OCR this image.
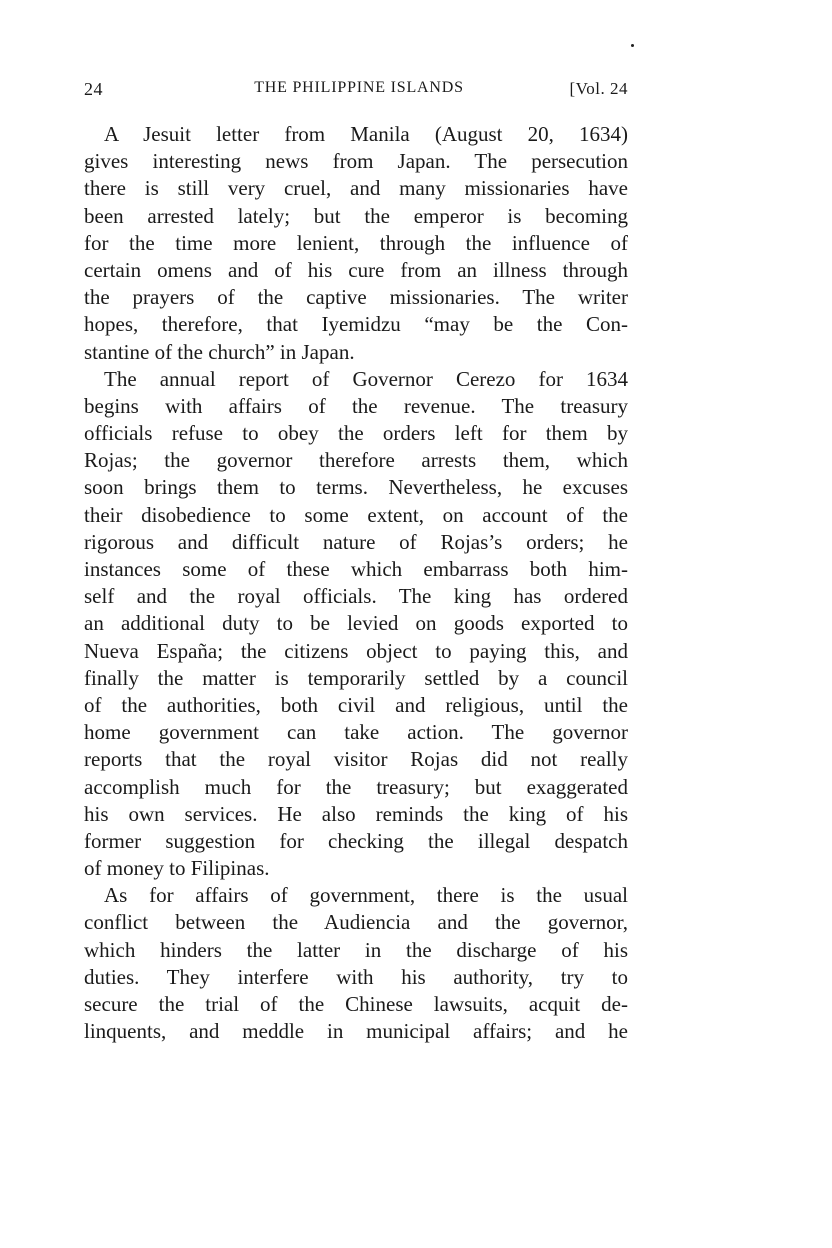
24	THE PHILIPPINE ISLANDS	[Vol. 24
A Jesuit letter from Manila (August 20, 1634)
gives interesting news from Japan. The persecution
there is still very cruel, and many missionaries have
been arrested lately; but the emperor is becoming
for the time more lenient, through the influence of
certain omens and of his cure from an illness through
the prayers of the captive missionaries. The writer
hopes, therefore, that Iyemidzu “may be the Con-
stantine of the church” in Japan.
The annual report of Governor Cerezo for 1634
begins with affairs of the revenue. The treasury
officials refuse to obey the orders left for them by
Rojas; the governor therefore arrests them, which
soon brings them to terms. Nevertheless, he excuses
their disobedience to some extent, on account of the
rigorous and difficult nature of Rojas’s orders; he
instances some of these which embarrass both him-
self and the royal officials. The king has ordered
an additional duty to be levied on goods exported to
Nueva España; the citizens object to paying this, and
finally the matter is temporarily settled by a council
of the authorities, both civil and religious, until the
home government can take action. The governor
reports that the royal visitor Rojas did not really
accomplish much for the treasury; but exaggerated
his own services. He also reminds the king of his
former suggestion for checking the illegal despatch
of money to Filipinas.
As for affairs of government, there is the usual
conflict between the Audiencia and the governor,
which hinders the latter in the discharge of his
duties. They interfere with his authority, try to
secure the trial of the Chinese lawsuits, acquit de-
linquents, and meddle in municipal affairs; and he
